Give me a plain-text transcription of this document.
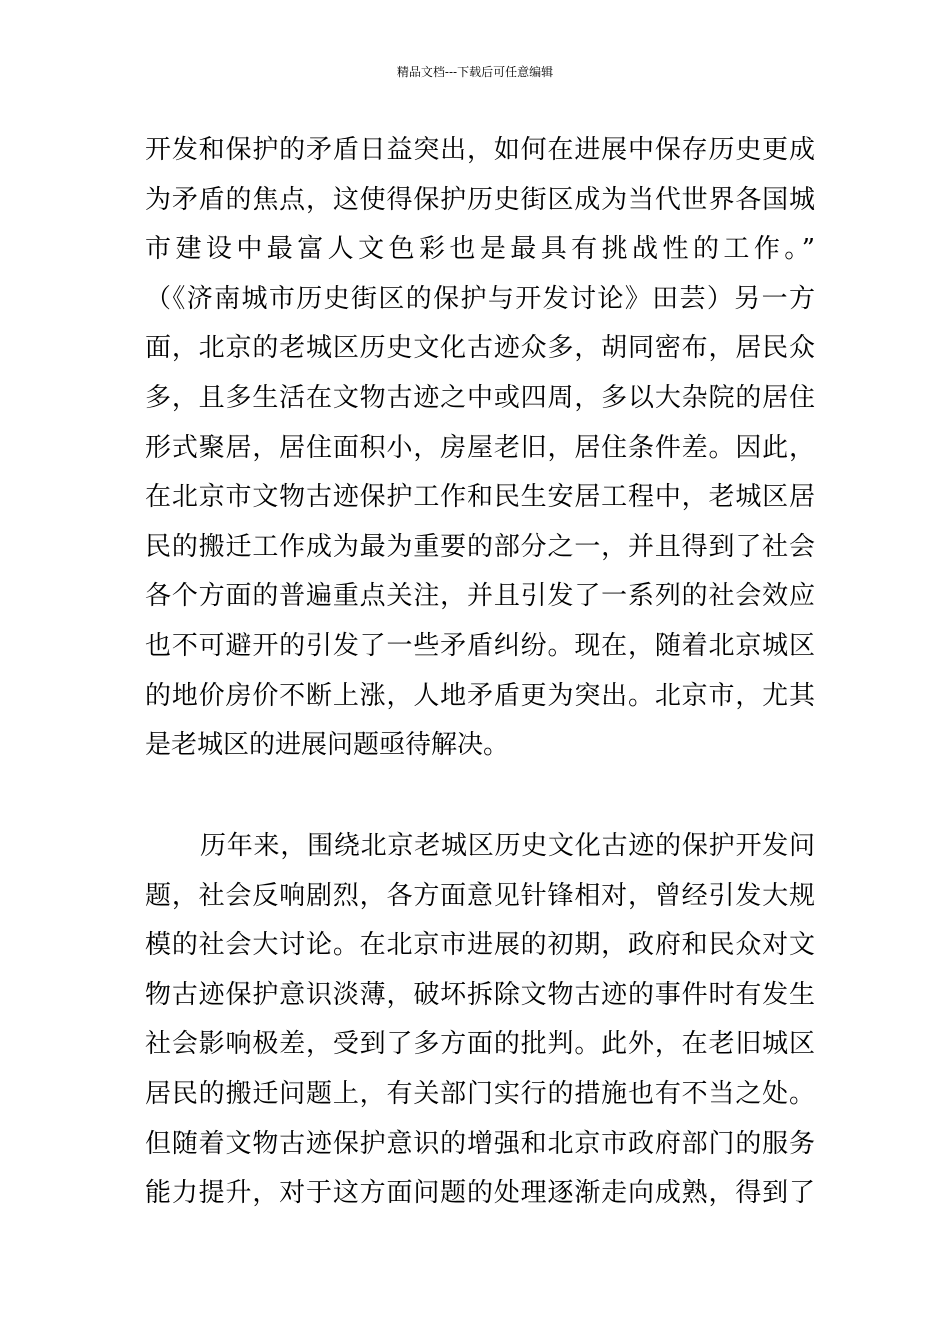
精品文档---下载后可任意编辑
开发和保护的矛盾日益突出，如何在进展中保存历史更成
为矛盾的焦点，这使得保护历史街区成为当代世界各国城
市建设中最富人文色彩也是最具有挑战性的工作。”
（《济南城市历史街区的保护与开发讨论》田芸）另一方
面，北京的老城区历史文化古迹众多，胡同密布，居民众
多，且多生活在文物古迹之中或四周，多以大杂院的居住
形式聚居，居住面积小，房屋老旧，居住条件差。因此，
在北京市文物古迹保护工作和民生安居工程中，老城区居
民的搬迁工作成为最为重要的部分之一，并且得到了社会
各个方面的普遍重点关注，并且引发了一系列的社会效应
也不可避开的引发了一些矛盾纠纷。现在，随着北京城区
的地价房价不断上涨，人地矛盾更为突出。北京市，尤其
是老城区的进展问题亟待解决。
历年来，围绕北京老城区历史文化古迹的保护开发问
题，社会反响剧烈，各方面意见针锋相对，曾经引发大规
模的社会大讨论。在北京市进展的初期，政府和民众对文
物古迹保护意识淡薄，破坏拆除文物古迹的事件时有发生
社会影响极差，受到了多方面的批判。此外，在老旧城区
居民的搬迁问题上，有关部门实行的措施也有不当之处。
但随着文物古迹保护意识的增强和北京市政府部门的服务
能力提升，对于这方面问题的处理逐渐走向成熟，得到了
